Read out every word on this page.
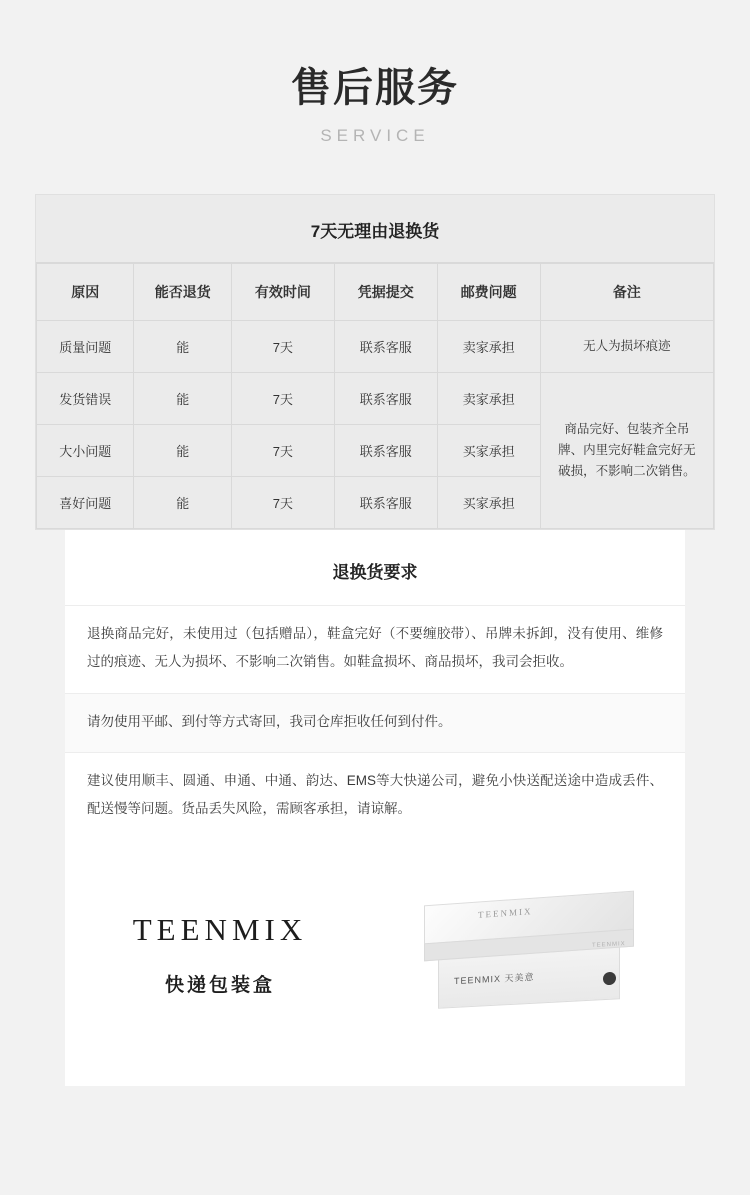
售后服务
SERVICE
7天无理由退换货
原因	能否退货	有效时间	凭据提交	邮费问题	备注
质量问题	能	7天	联系客服	卖家承担	无人为损坏痕迹
发货错误	能	7天	联系客服	卖家承担	商品完好、包装齐全吊牌、内里完好鞋盒完好无破损，不影响二次销售。
大小问题	能	7天	联系客服	买家承担	
喜好问题	能	7天	联系客服	买家承担	
退换货要求
退换商品完好，未使用过（包括赠品），鞋盒完好（不要缠胶带）、吊牌未拆卸，没有使用、维修过的痕迹、无人为损坏、不影响二次销售。如鞋盒损坏、商品损坏，我司会拒收。
请勿使用平邮、到付等方式寄回，我司仓库拒收任何到付件。
建议使用顺丰、圆通、申通、中通、韵达、EMS等大快递公司，避免小快送配送途中造成丢件、配送慢等问题。货品丢失风险，需顾客承担，请谅解。
TEENMIX
快递包装盒
TEENMIX
TEENMIX 天美意
TEENMIX
